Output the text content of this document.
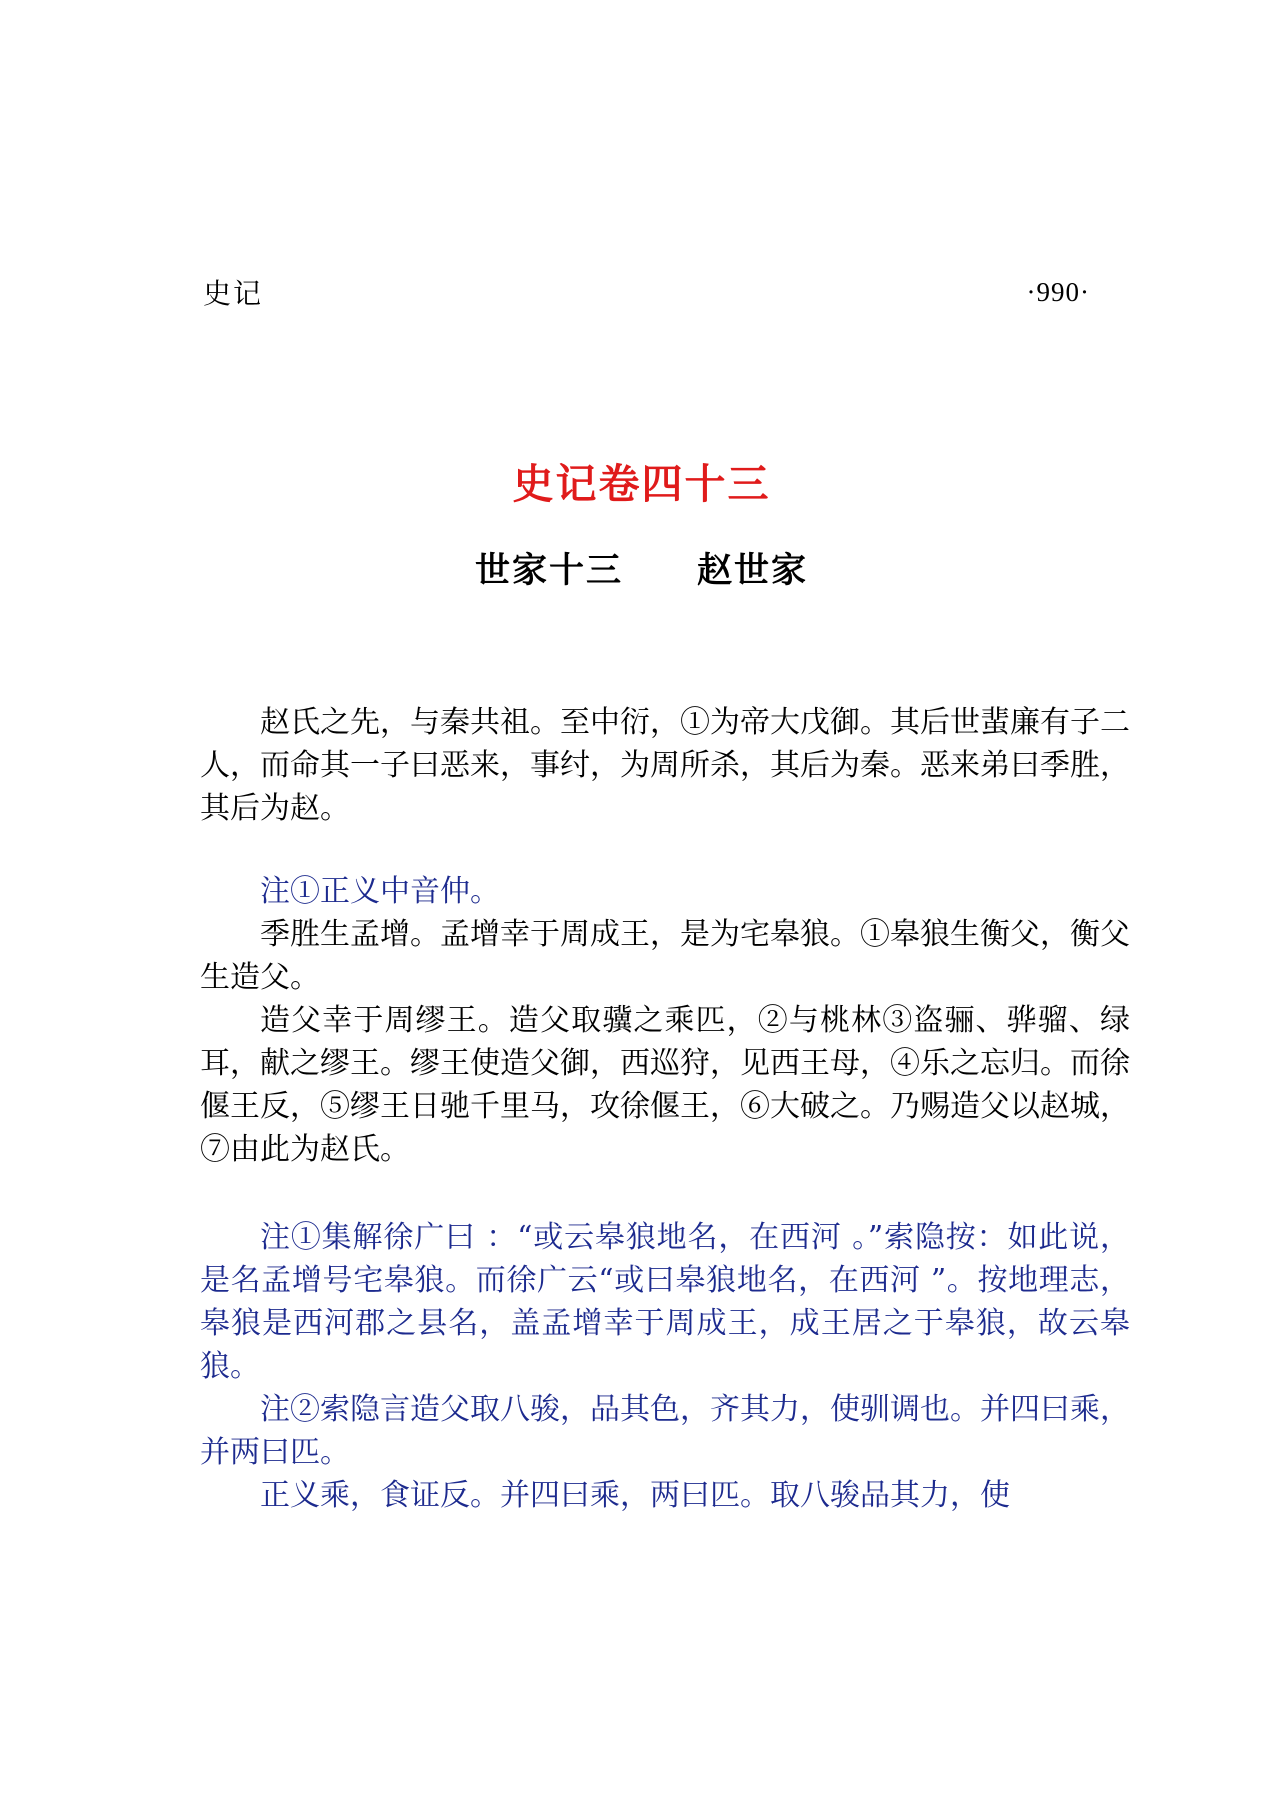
史记	·990·
史记卷四十三
世家十三 赵世家

赵氏之先，与秦共祖。至中衍，①为帝大戊御。其后世蜚廉有子二人，而命其一子曰恶来，事纣，为周所杀，其后为秦。恶来弟曰季胜，其后为赵。

注①正义中音仲。

季胜生孟增。孟增幸于周成王，是为宅皋狼。①皋狼生衡父，衡父生造父。

造父幸于周缪王。造父取骥之乘匹，②与桃林③盗骊、骅骝、绿耳，献之缪王。缪王使造父御，西巡狩，见西王母，④乐之忘归。而徐偃王反，⑤缪王日驰千里马，攻徐偃王，⑥大破之。乃赐造父以赵城，⑦由此为赵氏。

注①集解徐广曰 ：“或云皋狼地名，在西河 。”索隐按：如此说，是名孟增号宅皋狼。而徐广云“或曰皋狼地名，在西河 ”。按地理志，皋狼是西河郡之县名，盖孟增幸于周成王，成王居之于皋狼，故云皋狼。

注②索隐言造父取八骏，品其色，齐其力，使驯调也。并四曰乘，并两曰匹。

正义乘，食证反。并四曰乘，两曰匹。取八骏品其力，使
